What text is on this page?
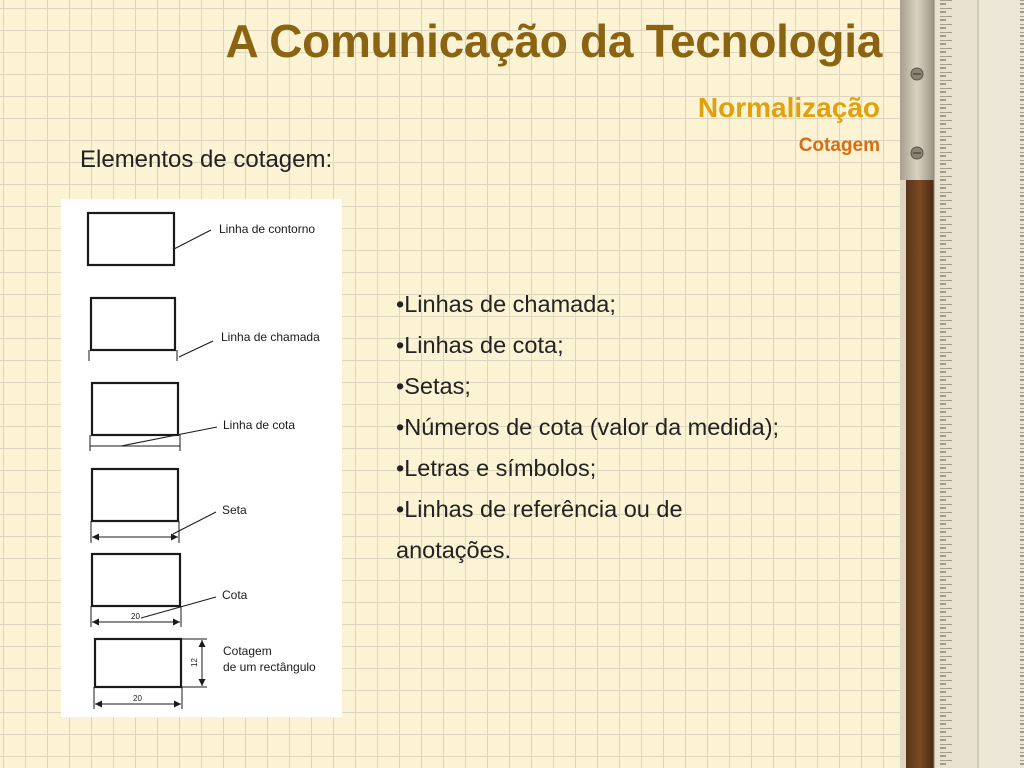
A Comunicação da Tecnologia
Normalização
Cotagem

Elementos de cotagem:

Linha de contorno
Linha de chamada
Linha de cota
Seta
20
Cota
20
12
Cotagem
de um rectângulo
•Linhas de chamada;
•Linhas de cota;
•Setas;
•Números de cota (valor da medida);
•Letras e símbolos;
•Linhas de referência ou de anotações.
